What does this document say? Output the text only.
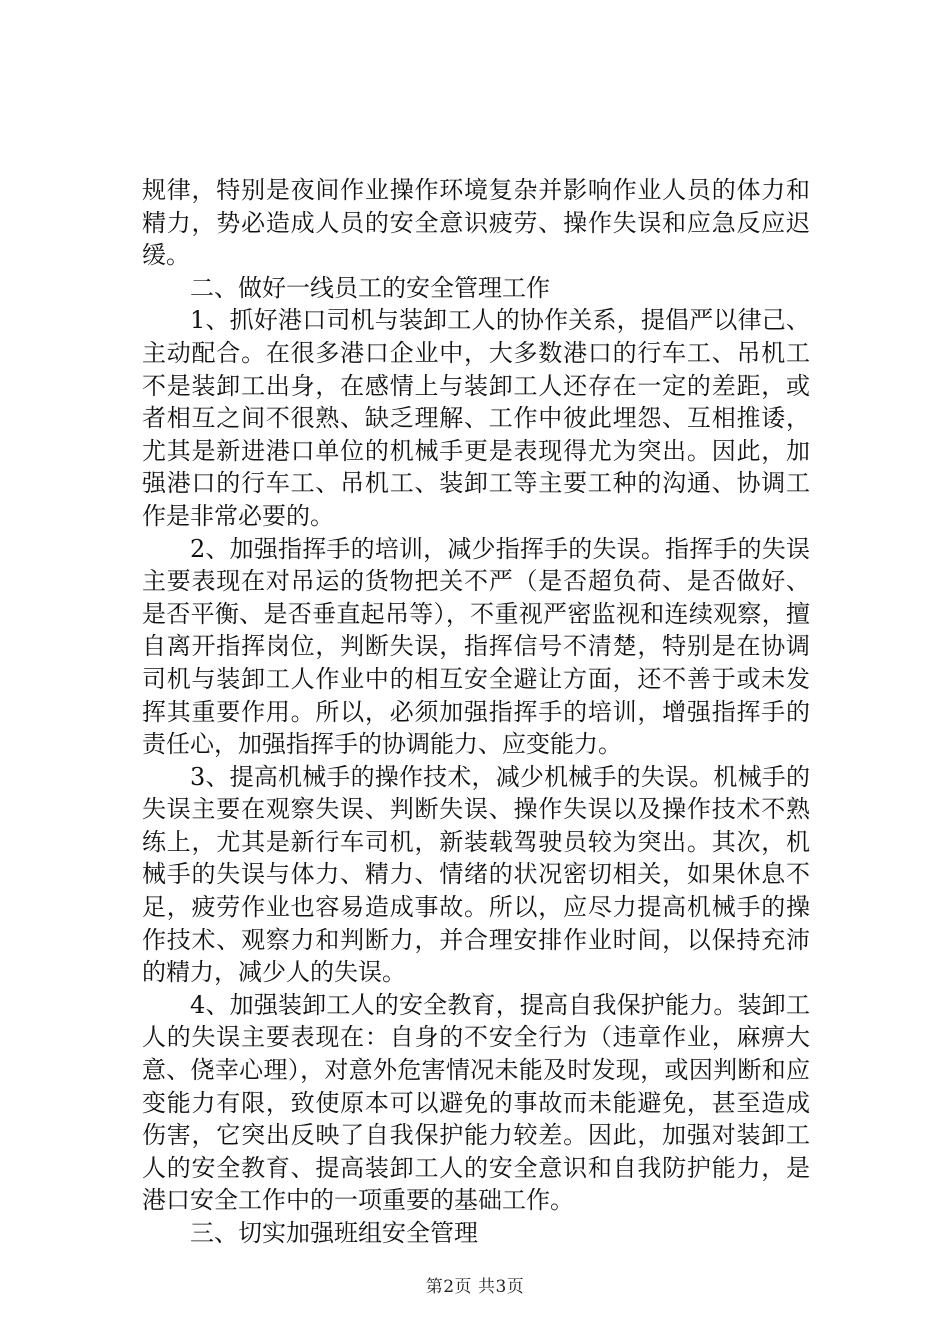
规律，特别是夜间作业操作环境复杂并影响作业人员的体力和精力，势必造成人员的安全意识疲劳、操作失误和应急反应迟缓。

二、做好一线员工的安全管理工作

1、抓好港口司机与装卸工人的协作关系，提倡严以律己、主动配合。在很多港口企业中，大多数港口的行车工、吊机工不是装卸工出身，在感情上与装卸工人还存在一定的差距，或者相互之间不很熟、缺乏理解、工作中彼此埋怨、互相推诿，尤其是新进港口单位的机械手更是表现得尤为突出。因此，加强港口的行车工、吊机工、装卸工等主要工种的沟通、协调工作是非常必要的。

2、加强指挥手的培训，减少指挥手的失误。指挥手的失误主要表现在对吊运的货物把关不严（是否超负荷、是否做好、是否平衡、是否垂直起吊等），不重视严密监视和连续观察，擅自离开指挥岗位，判断失误，指挥信号不清楚，特别是在协调司机与装卸工人作业中的相互安全避让方面，还不善于或未发挥其重要作用。所以，必须加强指挥手的培训，增强指挥手的责任心，加强指挥手的协调能力、应变能力。

3、提高机械手的操作技术，减少机械手的失误。机械手的失误主要在观察失误、判断失误、操作失误以及操作技术不熟练上，尤其是新行车司机，新装载驾驶员较为突出。其次，机械手的失误与体力、精力、情绪的状况密切相关，如果休息不足，疲劳作业也容易造成事故。所以，应尽力提高机械手的操作技术、观察力和判断力，并合理安排作业时间，以保持充沛的精力，减少人的失误。

4、加强装卸工人的安全教育，提高自我保护能力。装卸工人的失误主要表现在：自身的不安全行为（违章作业，麻痹大意、侥幸心理），对意外危害情况未能及时发现，或因判断和应变能力有限，致使原本可以避免的事故而未能避免，甚至造成伤害，它突出反映了自我保护能力较差。因此，加强对装卸工人的安全教育、提高装卸工人的安全意识和自我防护能力，是港口安全工作中的一项重要的基础工作。

三、切实加强班组安全管理

第2页 共3页
